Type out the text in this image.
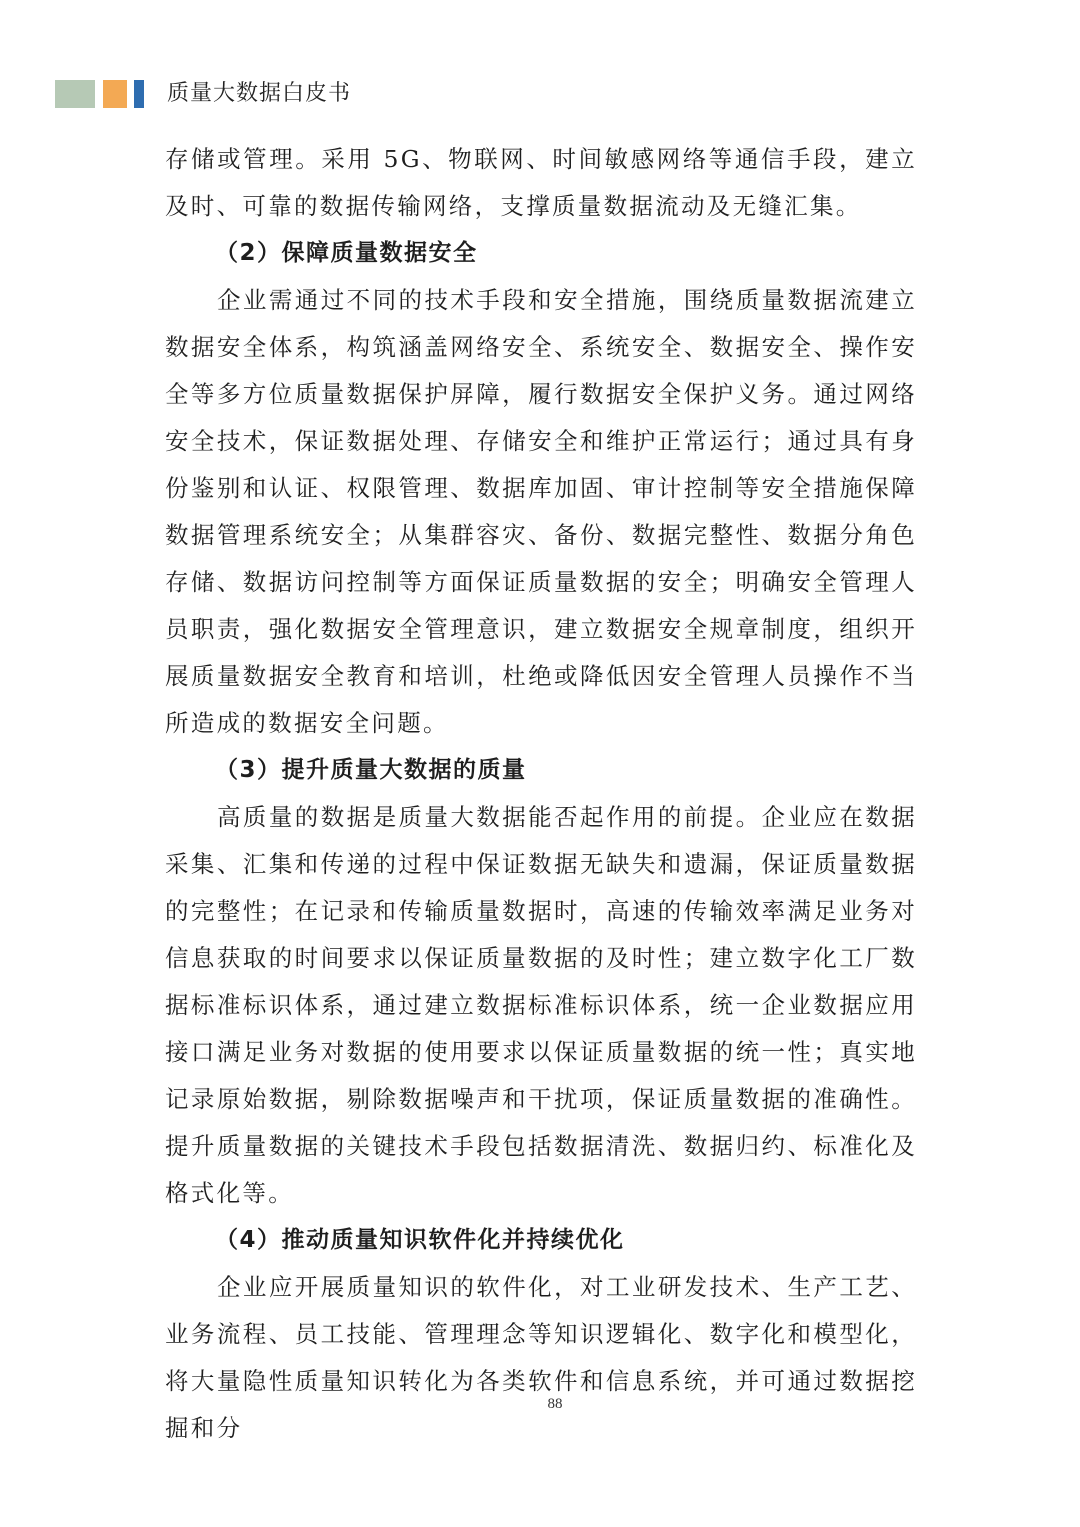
质量大数据白皮书

存储或管理。采用 5G、物联网、时间敏感网络等通信手段，建立及时、可靠的数据传输网络，支撑质量数据流动及无缝汇集。

（2）保障质量数据安全

企业需通过不同的技术手段和安全措施，围绕质量数据流建立数据安全体系，构筑涵盖网络安全、系统安全、数据安全、操作安全等多方位质量数据保护屏障，履行数据安全保护义务。通过网络安全技术，保证数据处理、存储安全和维护正常运行；通过具有身份鉴别和认证、权限管理、数据库加固、审计控制等安全措施保障数据管理系统安全；从集群容灾、备份、数据完整性、数据分角色存储、数据访问控制等方面保证质量数据的安全；明确安全管理人员职责，强化数据安全管理意识，建立数据安全规章制度，组织开展质量数据安全教育和培训，杜绝或降低因安全管理人员操作不当所造成的数据安全问题。

（3）提升质量大数据的质量

高质量的数据是质量大数据能否起作用的前提。企业应在数据采集、汇集和传递的过程中保证数据无缺失和遗漏，保证质量数据的完整性；在记录和传输质量数据时，高速的传输效率满足业务对信息获取的时间要求以保证质量数据的及时性；建立数字化工厂数据标准标识体系，通过建立数据标准标识体系，统一企业数据应用接口满足业务对数据的使用要求以保证质量数据的统一性；真实地记录原始数据，剔除数据噪声和干扰项，保证质量数据的准确性。提升质量数据的关键技术手段包括数据清洗、数据归约、标准化及格式化等。

（4）推动质量知识软件化并持续优化

企业应开展质量知识的软件化，对工业研发技术、生产工艺、业务流程、员工技能、管理理念等知识逻辑化、数字化和模型化，将大量隐性质量知识转化为各类软件和信息系统，并可通过数据挖掘和分

88
